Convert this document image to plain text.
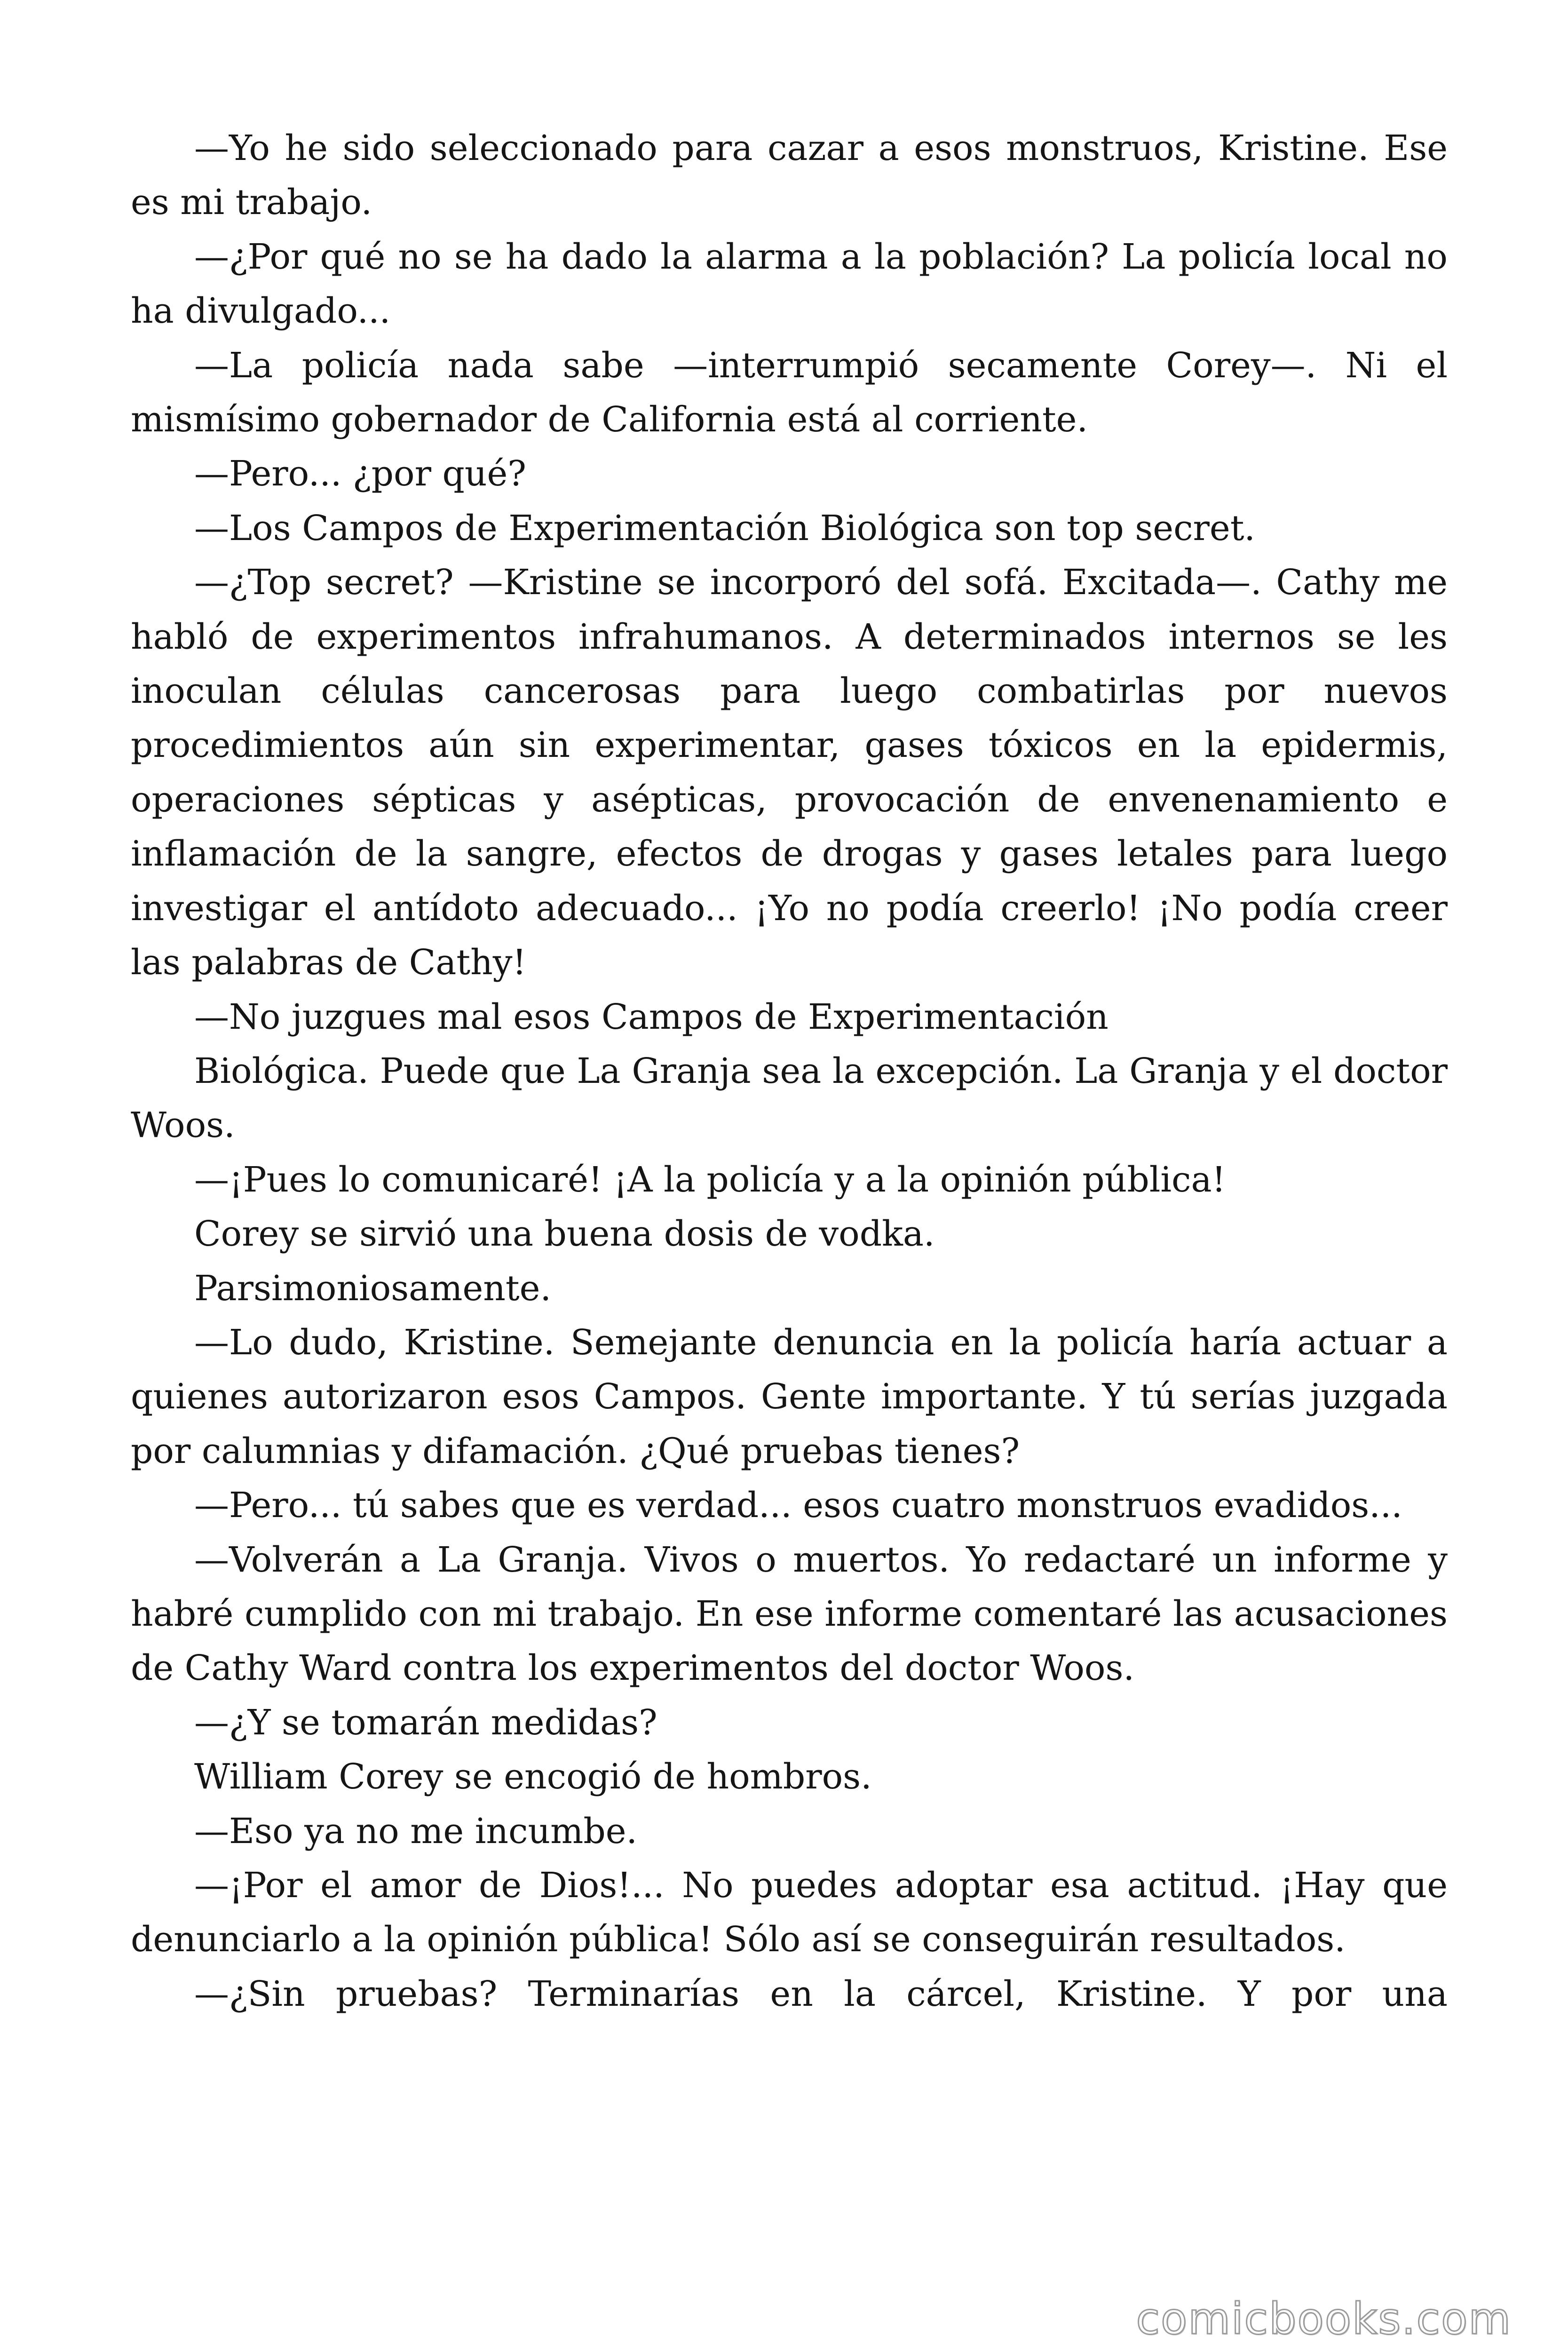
—Yo he sido seleccionado para cazar a esos monstruos, Kristine. Ese es mi trabajo.

—¿Por qué no se ha dado la alarma a la población? La policía local no ha divulgado...

—La policía nada sabe —interrumpió secamente Corey—. Ni el mismísimo gobernador de California está al corriente.

—Pero... ¿por qué?

—Los Campos de Experimentación Biológica son top secret.

—¿Top secret? —Kristine se incorporó del sofá. Excitada—. Cathy me habló de experimentos infrahumanos. A determinados internos se les inoculan células cancerosas para luego combatirlas por nuevos procedimientos aún sin experimentar, gases tóxicos en la epidermis, operaciones sépticas y asépticas, provocación de envenenamiento e inflamación de la sangre, efectos de drogas y gases letales para luego investigar el antídoto adecuado... ¡Yo no podía creerlo! ¡No podía creer las palabras de Cathy!

—No juzgues mal esos Campos de Experimentación

Biológica. Puede que La Granja sea la excepción. La Granja y el doctor Woos.

—¡Pues lo comunicaré! ¡A la policía y a la opinión pública!

Corey se sirvió una buena dosis de vodka.

Parsimoniosamente.

—Lo dudo, Kristine. Semejante denuncia en la policía haría actuar a quienes autorizaron esos Campos. Gente importante. Y tú serías juzgada por calumnias y difamación. ¿Qué pruebas tienes?

—Pero... tú sabes que es verdad... esos cuatro monstruos evadidos...

—Volverán a La Granja. Vivos o muertos. Yo redactaré un informe y habré cumplido con mi trabajo. En ese informe comentaré las acusaciones de Cathy Ward contra los experimentos del doctor Woos.

—¿Y se tomarán medidas?

William Corey se encogió de hombros.

—Eso ya no me incumbe.

—¡Por el amor de Dios!... No puedes adoptar esa actitud. ¡Hay que denunciarlo a la opinión pública! Sólo así se conseguirán resultados.

—¿Sin pruebas? Terminarías en la cárcel, Kristine. Y por una

comicbooks.com
